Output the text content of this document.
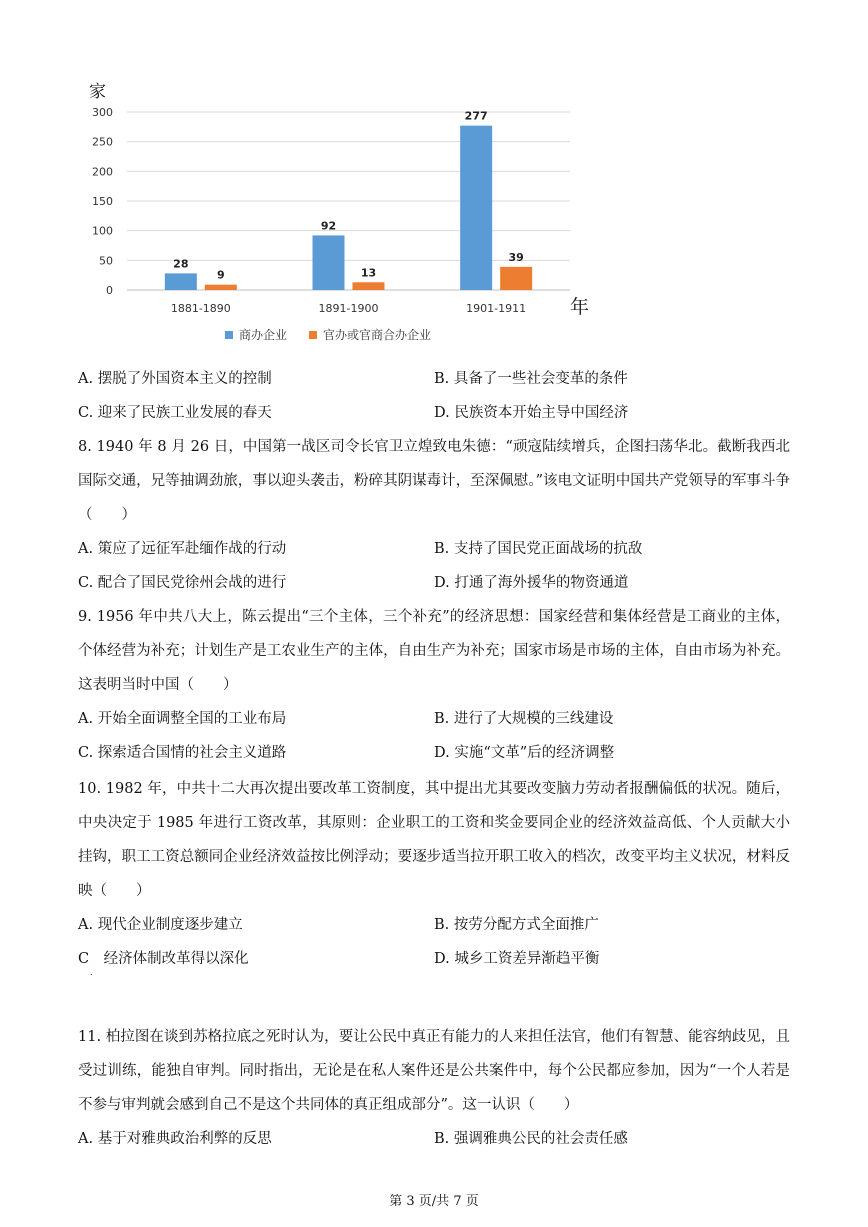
家
0
50
100
150
200
250
300
28
9
1881-1890
92
13
1891-1900
277
39
1901-1911 年
商办企业	官办或官商合办企业
A. 摆脱了外国资本主义的控制	B. 具备了一些社会变革的条件
C. 迎来了民族工业发展的春天	D. 民族资本开始主导中国经济
8. 1940 年 8 月 26 日，中国第一战区司令长官卫立煌致电朱德：“顽寇陆续增兵，企图扫荡华北。截断我西北国际交通，兄等抽调劲旅，事以迎头袭击，粉碎其阴谋毒计，至深佩慰。”该电文证明中国共产党领导的军事斗争（　　）
A. 策应了远征军赴缅作战的行动	B. 支持了国民党正面战场的抗敌
C. 配合了国民党徐州会战的进行	D. 打通了海外援华的物资通道
9. 1956 年中共八大上，陈云提出“三个主体，三个补充”的经济思想：国家经营和集体经营是工商业的主体，个体经营为补充；计划生产是工农业生产的主体，自由生产为补充；国家市场是市场的主体，自由市场为补充。这表明当时中国（　　）
A. 开始全面调整全国的工业布局	B. 进行了大规模的三线建设
C. 探索适合国情的社会主义道路	D. 实施“文革”后的经济调整
10. 1982 年，中共十二大再次提出要改革工资制度，其中提出尤其要改变脑力劳动者报酬偏低的状况。随后，中央决定于 1985 年进行工资改革，其原则：企业职工的工资和奖金要同企业的经济效益高低、个人贡献大小挂钩，职工工资总额同企业经济效益按比例浮动；要逐步适当拉开职工收入的档次，改变平均主义状况，材料反映（　　）
A. 现代企业制度逐步建立	B. 按劳分配方式全面推广
C　经济体制改革得以深化	D. 城乡工资差异渐趋平衡
.
11. 柏拉图在谈到苏格拉底之死时认为，要让公民中真正有能力的人来担任法官，他们有智慧、能容纳歧见，且受过训练，能独自审判。同时指出，无论是在私人案件还是公共案件中，每个公民都应参加，因为“一个人若是不参与审判就会感到自己不是这个共同体的真正组成部分”。这一认识（　　）
A. 基于对雅典政治利弊的反思	B. 强调雅典公民的社会责任感
第 3 页/共 7 页
